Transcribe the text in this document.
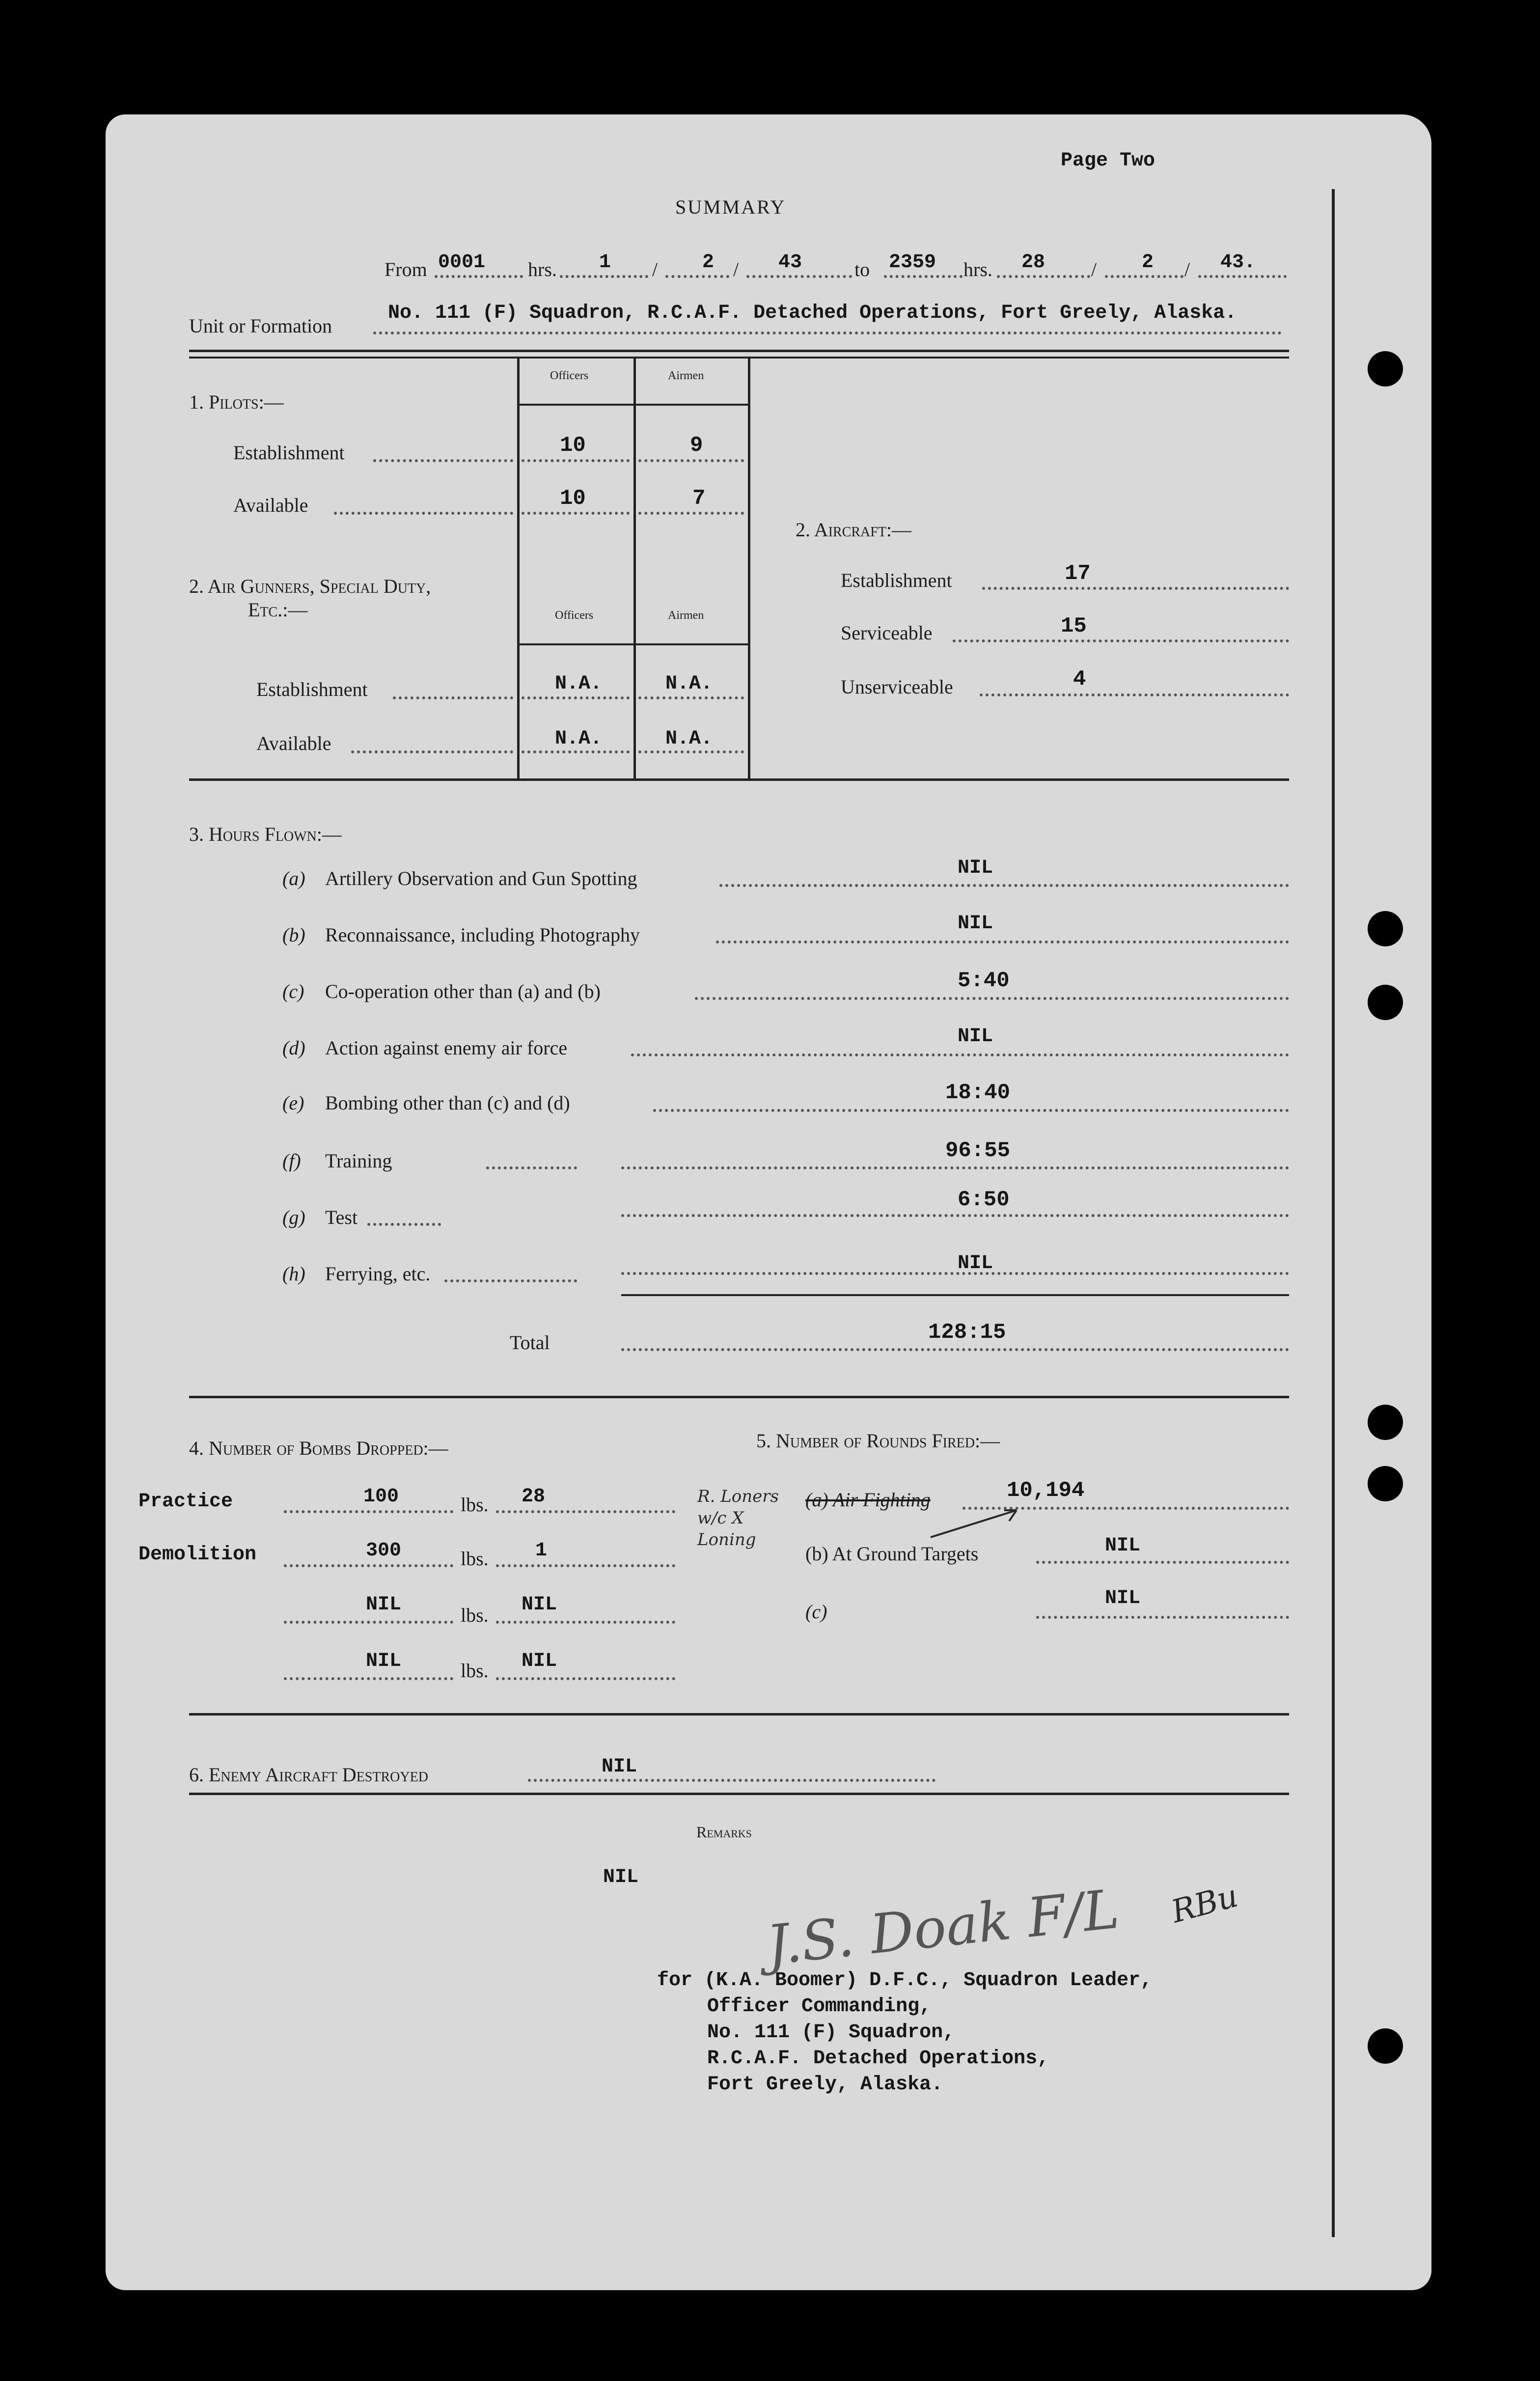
Page Two
SUMMARY
From 0001 hrs. 1 / 2 / 43	to 2359 hrs. 28 / 2 / 43.
Unit or Formation
No. 111 (F) Squadron, R.C.A.F. Detached Operations, Fort Greely, Alaska.
1. Pilots:—
Officers	Airmen
Establishment	10	9
Available	10	7
2. Air Gunners, Special Duty,
Etc.:—	Officers	Airmen
Establishment	N.A.	N.A.
Available	N.A.	N.A.
2. Aircraft:—
Establishment	17
Serviceable	15
Unserviceable	4
3. Hours Flown:—
(a) Artillery Observation and Gun Spotting	NIL
(b) Reconnaissance, including Photography
NIL
(c) Co-operation other than (a) and (b)	5:40
(d) Action against enemy air force
NIL
(e) Bombing other than (c) and (d)	18:40
(f) Training	96:55
(g) Test
6:50
(h) Ferrying, etc.	NIL
Total	128:15
4. Number of Bombs Dropped:—
Practice	100	lbs. 28
Demolition	300	lbs. 1
NIL	lbs. NIL
NIL	lbs. NIL
5. Number of Rounds Fired:—
R. Loners w/c X Loning
(a) Air Fighting	10,194
(b) At Ground Targets	NIL
(c)
NIL
6. Enemy Aircraft Destroyed	NIL
Remarks
NIL
J.S. Doak F/L RBu
for (K.A. Boomer) D.F.C., Squadron Leader,
Officer Commanding,
No. 111 (F) Squadron,
R.C.A.F. Detached Operations,
Fort Greely, Alaska.
